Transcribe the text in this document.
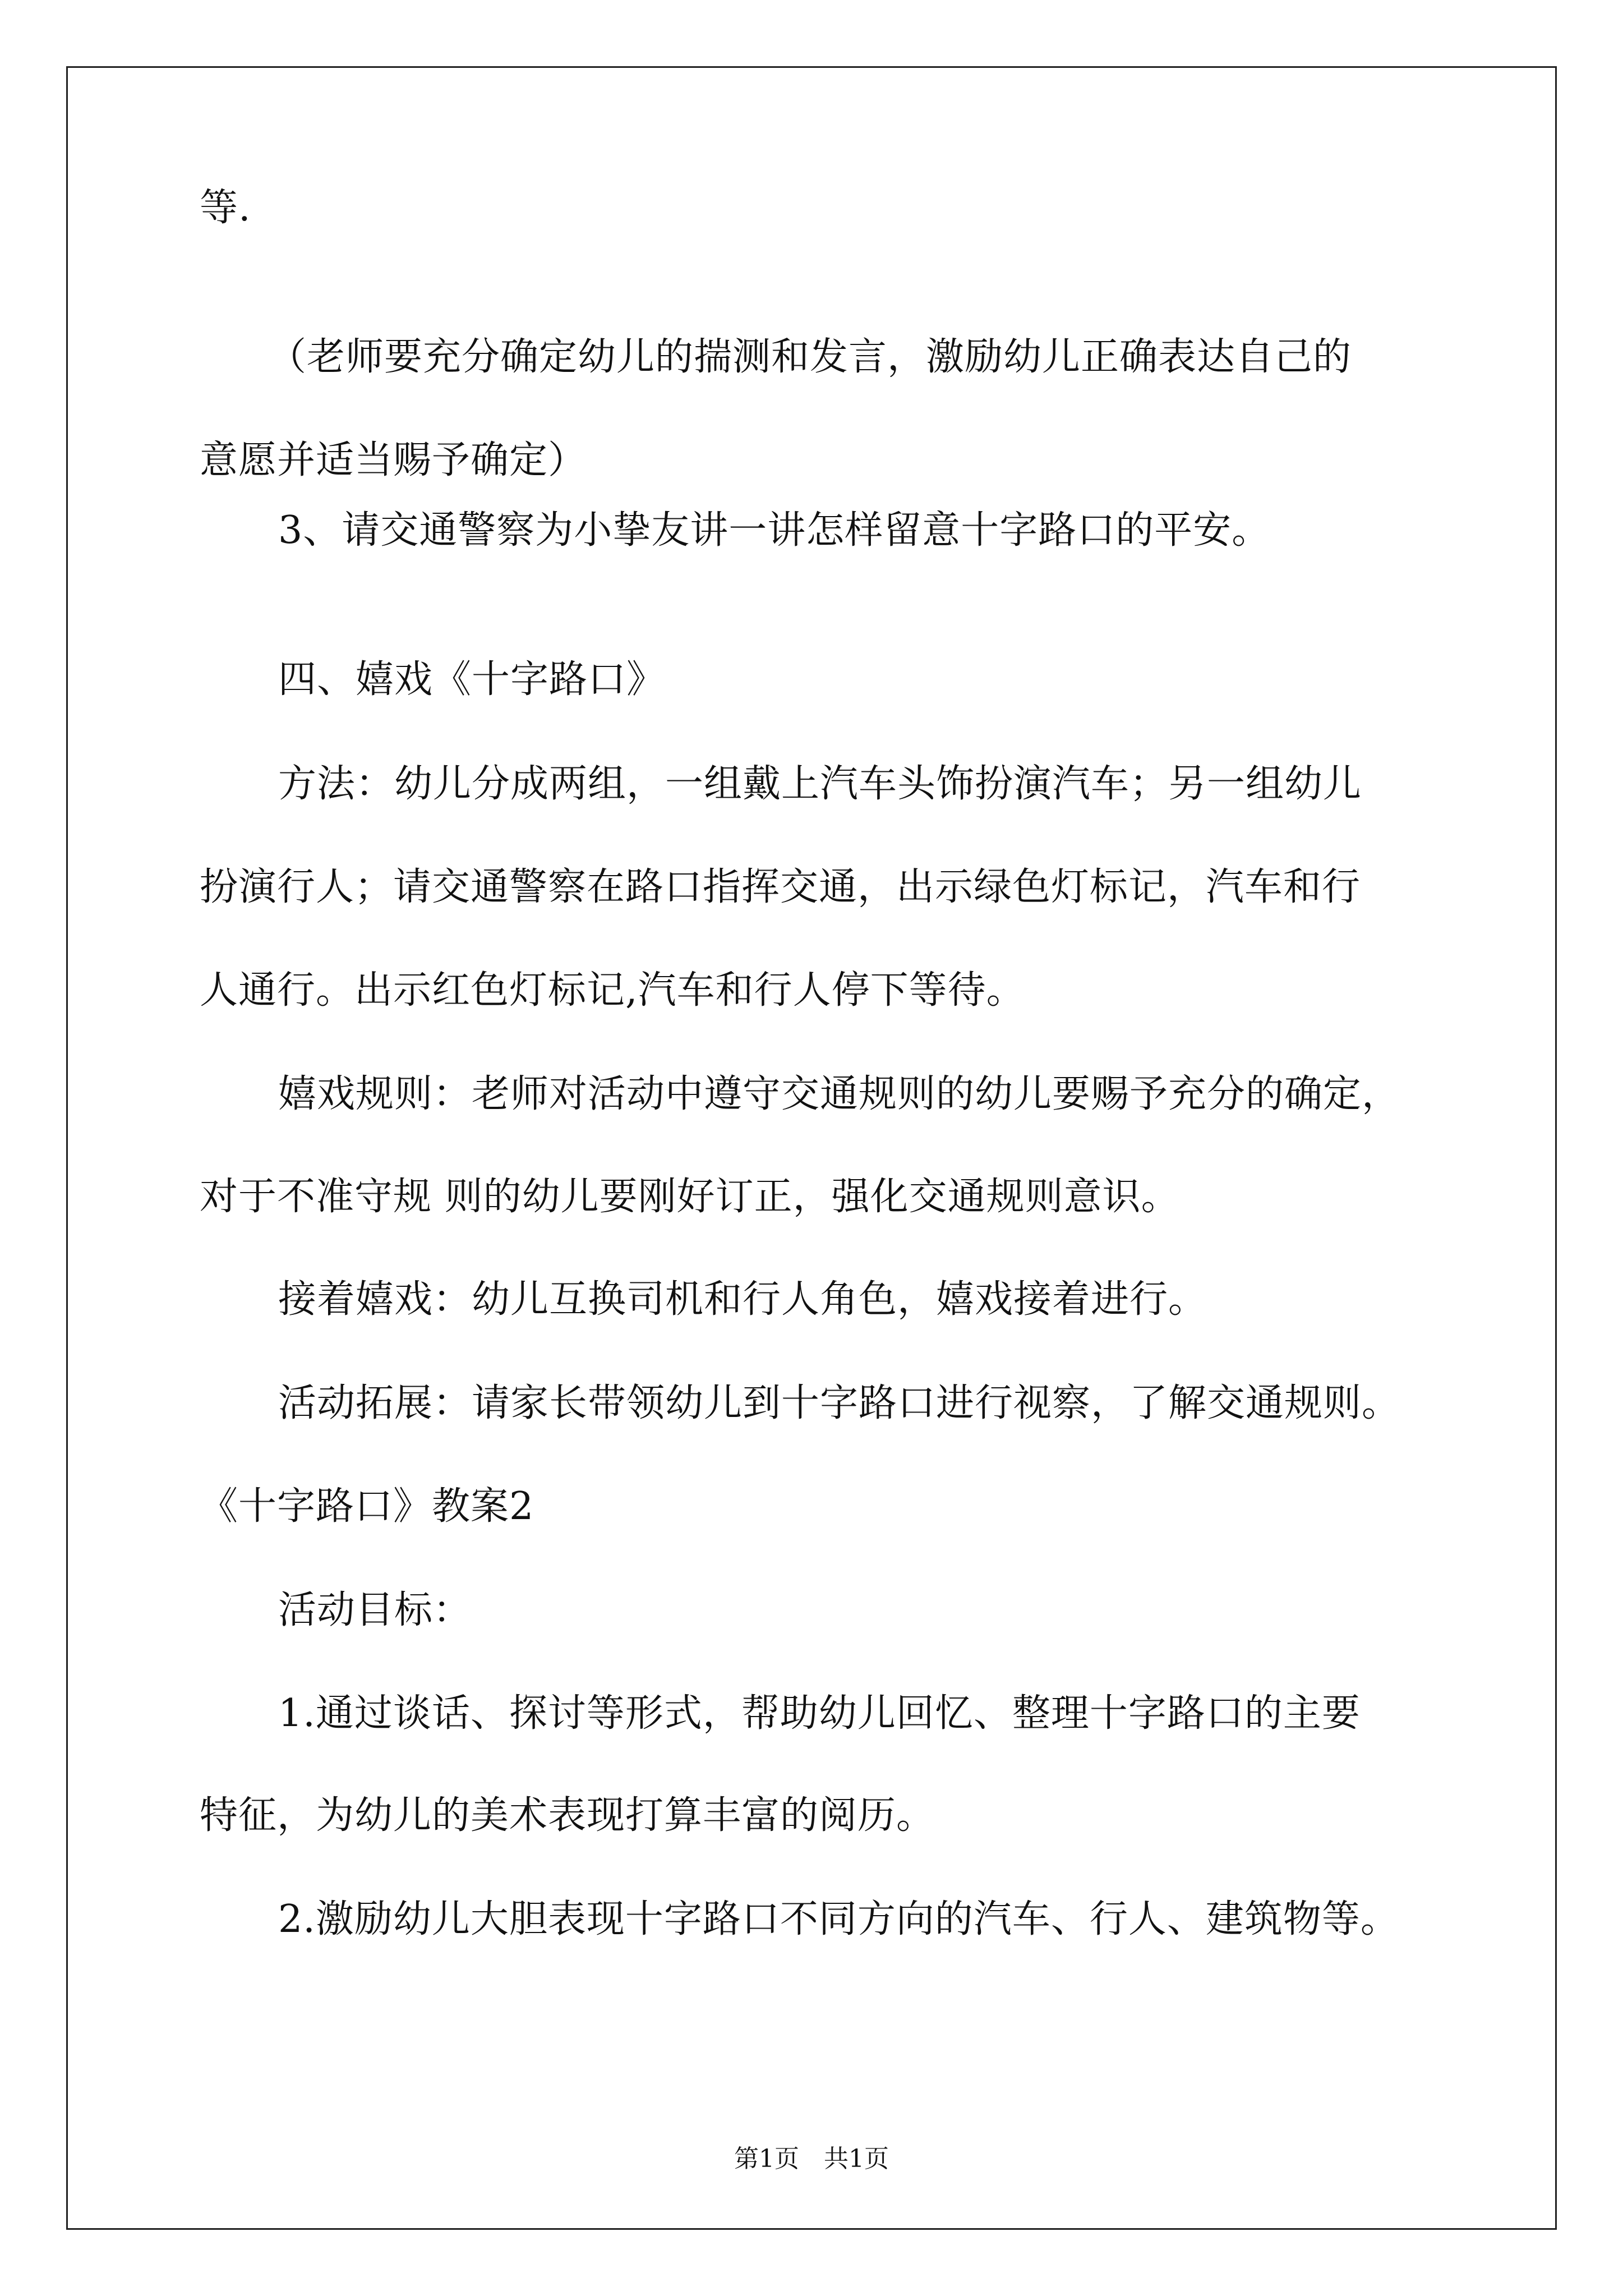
等.
（老师要充分确定幼儿的揣测和发言，激励幼儿正确表达自己的
意愿并适当赐予确定）
3、请交通警察为小挚友讲一讲怎样留意十字路口的平安。
四、嬉戏《十字路口》
方法：幼儿分成两组，一组戴上汽车头饰扮演汽车；另一组幼儿
扮演行人；请交通警察在路口指挥交通，出示绿色灯标记，汽车和行
人通行。出示红色灯标记,汽车和行人停下等待。
嬉戏规则：老师对活动中遵守交通规则的幼儿要赐予充分的确定，
对于不准守规 则的幼儿要刚好订正，强化交通规则意识。
接着嬉戏：幼儿互换司机和行人角色，嬉戏接着进行。
活动拓展：请家长带领幼儿到十字路口进行视察，了解交通规则。
《十字路口》教案2
活动目标：
1.通过谈话、探讨等形式，帮助幼儿回忆、整理十字路口的主要
特征，为幼儿的美术表现打算丰富的阅历。
2.激励幼儿大胆表现十字路口不同方向的汽车、行人、建筑物等。
第1页　共1页
